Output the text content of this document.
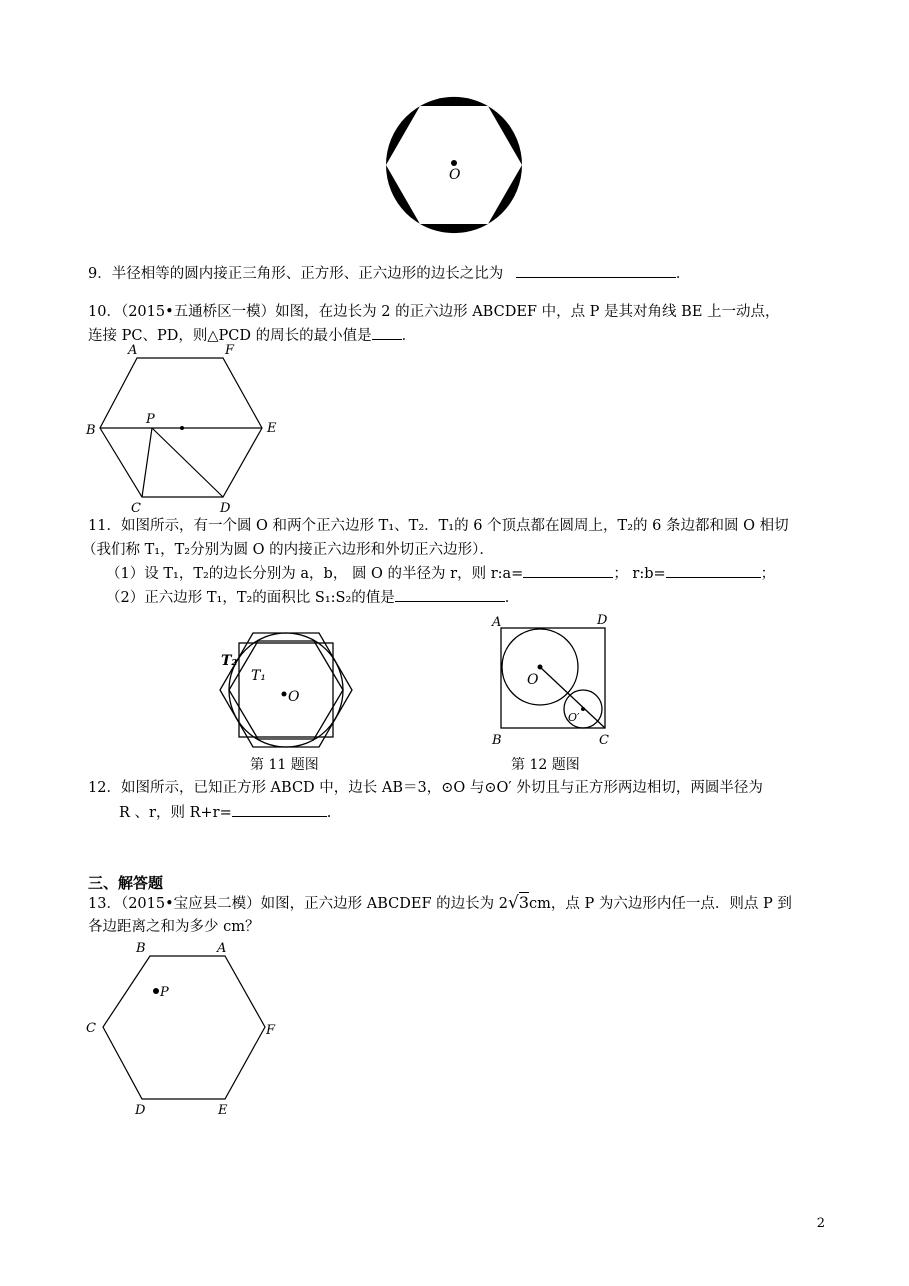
O
9．半径相等的圆内接正三角形、正方形、正六边形的边长之比为	．
10．（2015•五通桥区一模）如图，在边长为 2 的正六边形 ABCDEF 中，点 P 是其对角线 BE 上一动点，
连接 PC、PD，则△PCD 的周长的最小值是 ．
A	F
B	E
P
C	D
11．如图所示，有一个圆 O 和两个正六边形 T₁、T₂．T₁的 6 个顶点都在圆周上，T₂的 6 条边都和圆 O 相切
（我们称 T₁，T₂分别为圆 O 的内接正六边形和外切正六边形）．
（1）设 T₁，T₂的边长分别为 a，b， 圆 O 的半径为 r，则 r:a=	； r:b=	；
（2）正六边形 T₁，T₂的面积比 S₁:S₂的值是	．
T₂
T₁
O
第 11 题图
A	D
B	C
O
O′
第 12 题图
12．如图所示，已知正方形 ABCD 中，边长 AB＝3，⊙O 与⊙O′ 外切且与正方形两边相切，两圆半径为
R 、r，则 R+r=	.
三、解答题
13．（2015•宝应县二模）如图，正六边形 ABCDEF 的边长为 2√3cm，点 P 为六边形内任一点．则点 P 到
各边距离之和为多少 cm？
B	A
C	F
D	E
P
2
